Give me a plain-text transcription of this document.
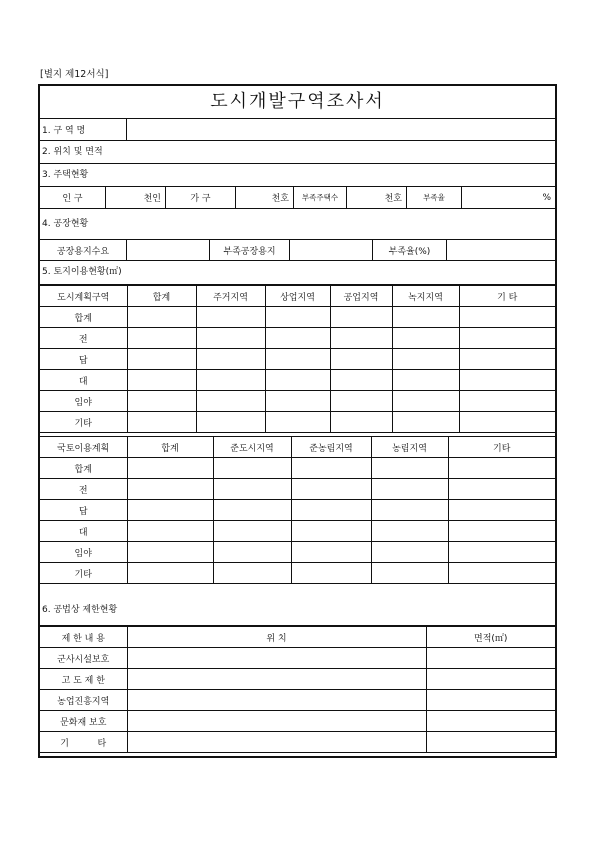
[별지 제12서식]
도시개발구역조사서
1. 구 역 명
2. 위치 및 면적
3. 주택현황
인 구	천인	가 구	천호	부족주택수	천호	부족율	%
4. 공장현황
공장용지수요	부족공장용지	부족율(%)
5. 토지이용현황(㎡)
도시계획구역	합계	주거지역	상업지역	공업지역	녹지지역	기 타
합계						
전						
답						
대						
임야						
기타						
국토이용계획	합계	준도시지역	준농림지역	농림지역	기타
합계					
전					
답					
대					
임야					
기타					
6. 공법상 제한현황
제 한 내 용	위 치	면적(㎡)
군사시설보호		
고 도 제 한		
농업진흥지역		
문화재 보호		
기          타		
